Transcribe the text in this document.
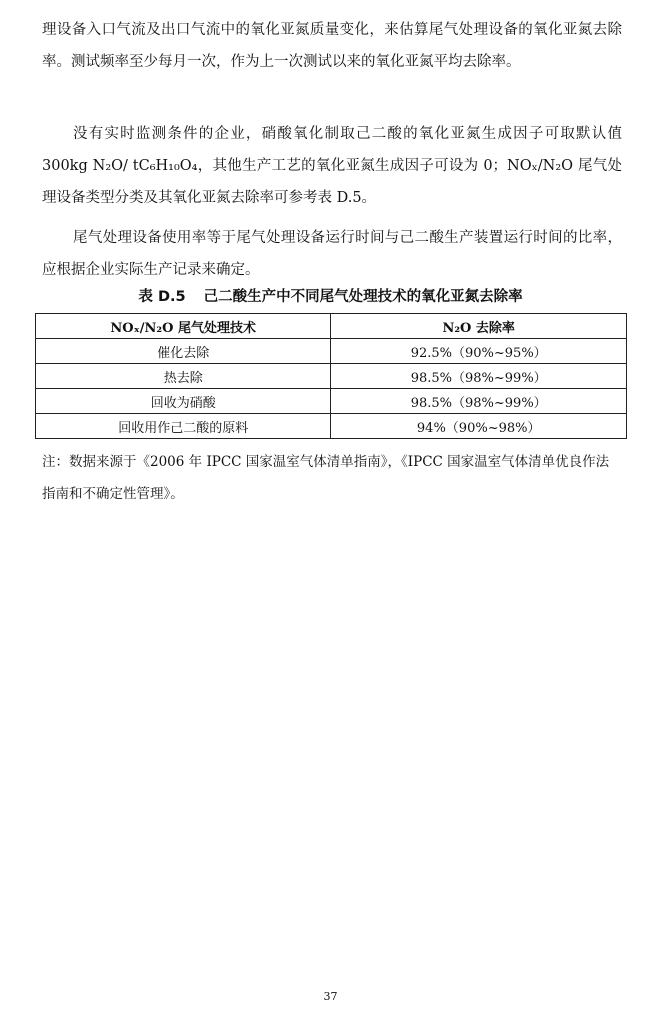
理设备入口气流及出口气流中的氧化亚氮质量变化，来估算尾气处理设备的氧化亚氮去除率。测试频率至少每月一次，作为上一次测试以来的氧化亚氮平均去除率。

没有实时监测条件的企业，硝酸氧化制取己二酸的氧化亚氮生成因子可取默认值 300kg N₂O/ tC₆H₁₀O₄，其他生产工艺的氧化亚氮生成因子可设为 0；NOₓ/N₂O 尾气处理设备类型分类及其氧化亚氮去除率可参考表 D.5。

尾气处理设备使用率等于尾气处理设备运行时间与己二酸生产装置运行时间的比率，应根据企业实际生产记录来确定。

表 D.5 己二酸生产中不同尾气处理技术的氧化亚氮去除率

NOₓ/N₂O 尾气处理技术	N₂O 去除率
催化去除	92.5%（90%~95%）
热去除	98.5%（98%~99%）
回收为硝酸	98.5%（98%~99%）
回收用作己二酸的原料	94%（90%~98%）

注：数据来源于《2006 年 IPCC 国家温室气体清单指南》，《IPCC 国家温室气体清单优良作法指南和不确定性管理》。

37
